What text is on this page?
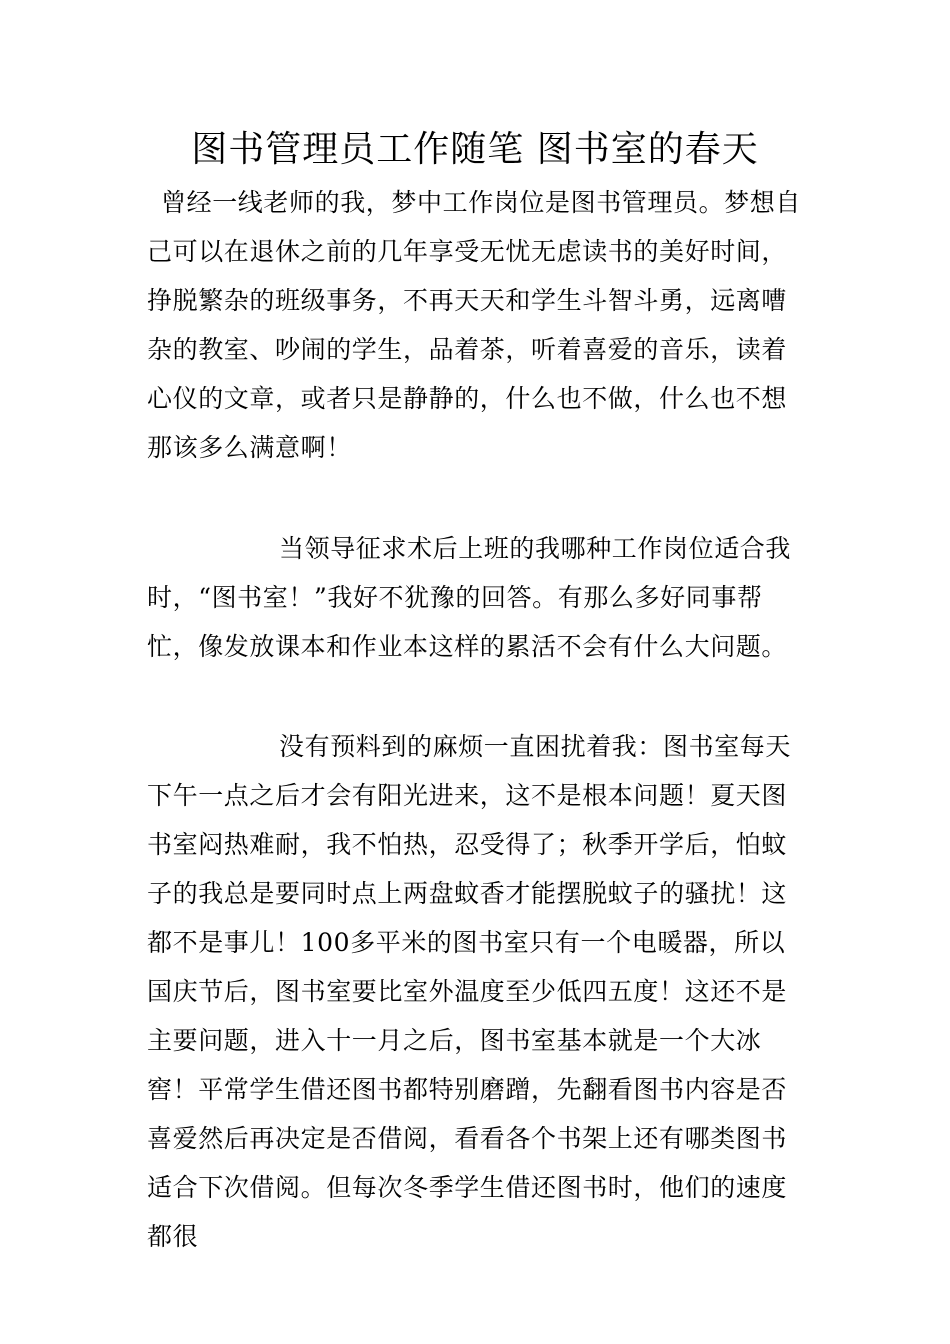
图书管理员工作随笔 图书室的春天

曾经一线老师的我，梦中工作岗位是图书管理员。梦想自己可以在退休之前的几年享受无忧无虑读书的美好时间，挣脱繁杂的班级事务，不再天天和学生斗智斗勇，远离嘈杂的教室、吵闹的学生，品着茶，听着喜爱的音乐，读着心仪的文章，或者只是静静的，什么也不做，什么也不想那该多么满意啊！

当领导征求术后上班的我哪种工作岗位适合我时，“图书室！”我好不犹豫的回答。有那么多好同事帮忙，像发放课本和作业本这样的累活不会有什么大问题。

没有预料到的麻烦一直困扰着我：图书室每天下午一点之后才会有阳光进来，这不是根本问题！夏天图书室闷热难耐，我不怕热，忍受得了；秋季开学后，怕蚊子的我总是要同时点上两盘蚊香才能摆脱蚊子的骚扰！这都不是事儿！100多平米的图书室只有一个电暖器，所以国庆节后，图书室要比室外温度至少低四五度！这还不是主要问题，进入十一月之后，图书室基本就是一个大冰窖！平常学生借还图书都特别磨蹭，先翻看图书内容是否喜爱然后再决定是否借阅，看看各个书架上还有哪类图书适合下次借阅。但每次冬季学生借还图书时，他们的速度都很
